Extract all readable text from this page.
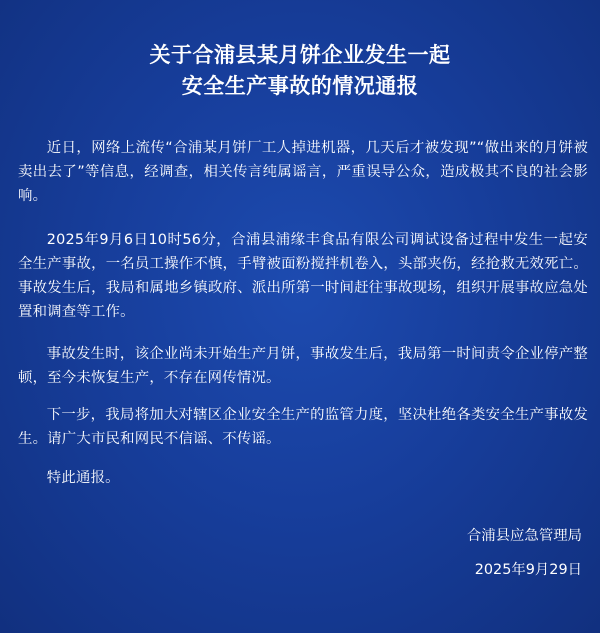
关于合浦县某月饼企业发生一起
安全生产事故的情况通报
近日，网络上流传“合浦某月饼厂工人掉进机器，几天后才被发现”“做出来的月饼被卖出去了”等信息，经调查，相关传言纯属谣言，严重误导公众，造成极其不良的社会影响。
2025年9月6日10时56分，合浦县浦缘丰食品有限公司调试设备过程中发生一起安全生产事故，一名员工操作不慎，手臂被面粉搅拌机卷入，头部夹伤，经抢救无效死亡。事故发生后，我局和属地乡镇政府、派出所第一时间赶往事故现场，组织开展事故应急处置和调查等工作。
事故发生时，该企业尚未开始生产月饼，事故发生后，我局第一时间责令企业停产整顿，至今未恢复生产，不存在网传情况。
下一步，我局将加大对辖区企业安全生产的监管力度，坚决杜绝各类安全生产事故发生。请广大市民和网民不信谣、不传谣。
特此通报。
合浦县应急管理局
2025年9月29日
